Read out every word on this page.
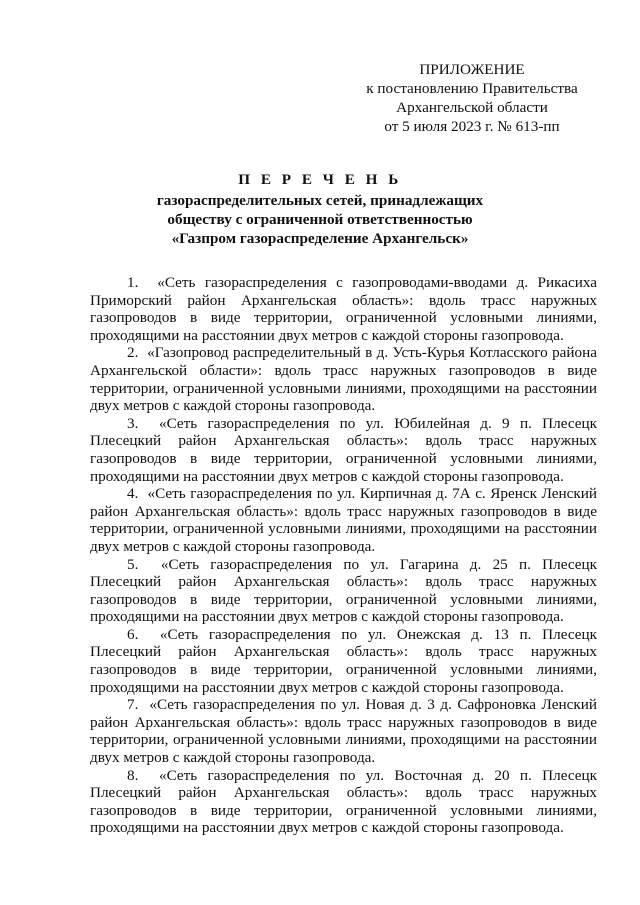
ПРИЛОЖЕНИЕ
к постановлению Правительства
Архангельской области
от 5 июля 2023 г. № 613-пп
П Е Р Е Ч Е Н Ь
газораспределительных сетей, принадлежащих
обществу с ограниченной ответственностью
«Газпром газораспределение Архангельск»

1. «Сеть газораспределения с газопроводами-вводами д. Рикасиха Приморский район Архангельская область»: вдоль трасс наружных газопроводов в виде территории, ограниченной условными линиями, проходящими на расстоянии двух метров с каждой стороны газопровода.

2. «Газопровод распределительный в д. Усть-Курья Котласского района Архангельской области»: вдоль трасс наружных газопроводов в виде территории, ограниченной условными линиями, проходящими на расстоянии двух метров с каждой стороны газопровода.

3. «Сеть газораспределения по ул. Юбилейная д. 9 п. Плесецк Плесецкий район Архангельская область»: вдоль трасс наружных газопроводов в виде территории, ограниченной условными линиями, проходящими на расстоянии двух метров с каждой стороны газопровода.

4. «Сеть газораспределения по ул. Кирпичная д. 7А с. Яренск Ленский район Архангельская область»: вдоль трасс наружных газопроводов в виде территории, ограниченной условными линиями, проходящими на расстоянии двух метров с каждой стороны газопровода.

5. «Сеть газораспределения по ул. Гагарина д. 25 п. Плесецк Плесецкий район Архангельская область»: вдоль трасс наружных газопроводов в виде территории, ограниченной условными линиями, проходящими на расстоянии двух метров с каждой стороны газопровода.

6. «Сеть газораспределения по ул. Онежская д. 13 п. Плесецк Плесецкий район Архангельская область»: вдоль трасс наружных газопроводов в виде территории, ограниченной условными линиями, проходящими на расстоянии двух метров с каждой стороны газопровода.

7. «Сеть газораспределения по ул. Новая д. 3 д. Сафроновка Ленский район Архангельская область»: вдоль трасс наружных газопроводов в виде территории, ограниченной условными линиями, проходящими на расстоянии двух метров с каждой стороны газопровода.

8. «Сеть газораспределения по ул. Восточная д. 20 п. Плесецк Плесецкий район Архангельская область»: вдоль трасс наружных газопроводов в виде территории, ограниченной условными линиями, проходящими на расстоянии двух метров с каждой стороны газопровода.
